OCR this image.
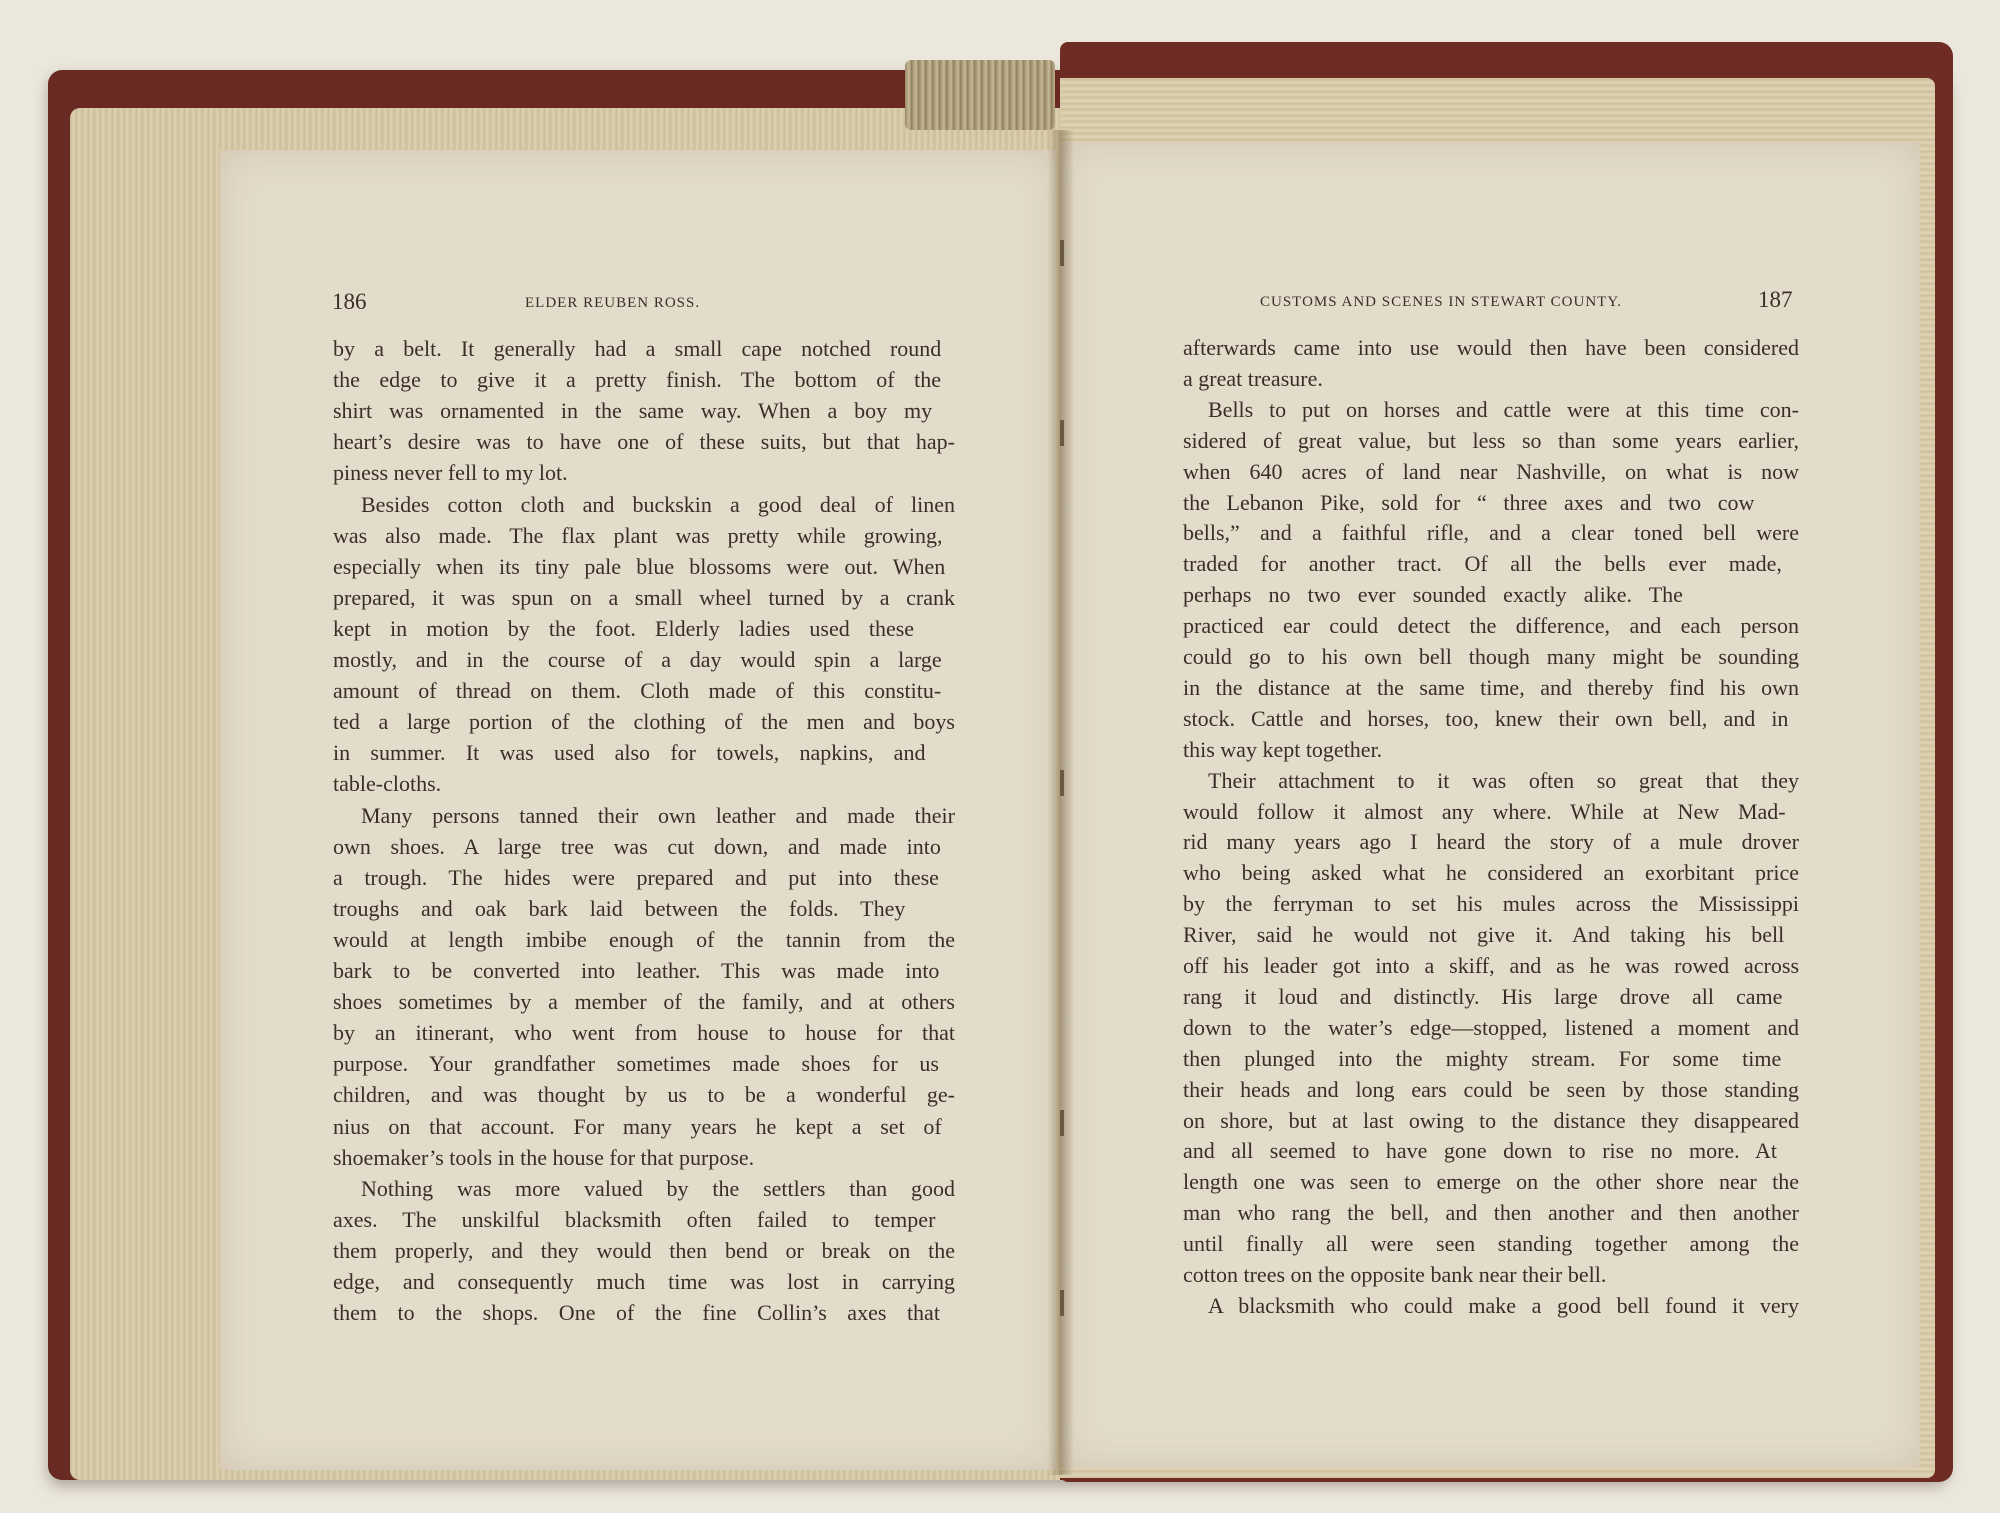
186	ELDER REUBEN ROSS.	CUSTOMS AND SCENES IN STEWART COUNTY.	187

by a belt. It generally had a small cape notched round

the edge to give it a pretty finish. The bottom of the

shirt was ornamented in the same way. When a boy my

heart’s desire was to have one of these suits, but that hap-

piness never fell to my lot.

Besides cotton cloth and buckskin a good deal of linen

was also made. The flax plant was pretty while growing,

especially when its tiny pale blue blossoms were out. When

prepared, it was spun on a small wheel turned by a crank

kept in motion by the foot. Elderly ladies used these

mostly, and in the course of a day would spin a large

amount of thread on them. Cloth made of this constitu-

ted a large portion of the clothing of the men and boys

in summer. It was used also for towels, napkins, and

table-cloths.

Many persons tanned their own leather and made their

own shoes. A large tree was cut down, and made into

a trough. The hides were prepared and put into these

troughs and oak bark laid between the folds. They

would at length imbibe enough of the tannin from the

bark to be converted into leather. This was made into

shoes sometimes by a member of the family, and at others

by an itinerant, who went from house to house for that

purpose. Your grandfather sometimes made shoes for us

children, and was thought by us to be a wonderful ge-

nius on that account. For many years he kept a set of

shoemaker’s tools in the house for that purpose.

Nothing was more valued by the settlers than good

axes. The unskilful blacksmith often failed to temper

them properly, and they would then bend or break on the

edge, and consequently much time was lost in carrying

them to the shops. One of the fine Collin’s axes that

afterwards came into use would then have been considered

a great treasure.

Bells to put on horses and cattle were at this time con-

sidered of great value, but less so than some years earlier,

when 640 acres of land near Nashville, on what is now

the Lebanon Pike, sold for “ three axes and two cow

bells,” and a faithful rifle, and a clear toned bell were

traded for another tract. Of all the bells ever made,

perhaps no two ever sounded exactly alike. The

practiced ear could detect the difference, and each person

could go to his own bell though many might be sounding

in the distance at the same time, and thereby find his own

stock. Cattle and horses, too, knew their own bell, and in

this way kept together.

Their attachment to it was often so great that they

would follow it almost any where. While at New Mad-

rid many years ago I heard the story of a mule drover

who being asked what he considered an exorbitant price

by the ferryman to set his mules across the Mississippi

River, said he would not give it. And taking his bell

off his leader got into a skiff, and as he was rowed across

rang it loud and distinctly. His large drove all came

down to the water’s edge—stopped, listened a moment and

then plunged into the mighty stream. For some time

their heads and long ears could be seen by those standing

on shore, but at last owing to the distance they disappeared

and all seemed to have gone down to rise no more. At

length one was seen to emerge on the other shore near the

man who rang the bell, and then another and then another

until finally all were seen standing together among the

cotton trees on the opposite bank near their bell.

A blacksmith who could make a good bell found it very
